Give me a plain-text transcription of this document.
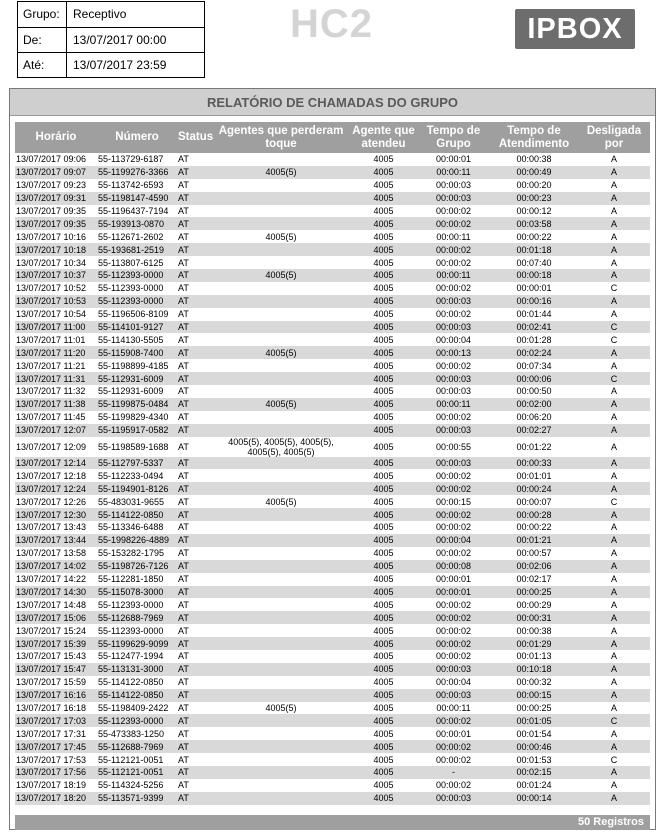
Grupo:	Receptivo
De:	13/07/2017 00:00
Até:	13/07/2017 23:59
HC2	IPBOX
RELATÓRIO DE CHAMADAS DO GRUPO
Horário	Número	Status	Agentes que perderam toque	Agente que atendeu	Tempo de Grupo	Tempo de Atendimento	Desligada por
13/07/2017 09:06	55-113729-6187	AT		4005	00:00:01	00:00:38	A
13/07/2017 09:07	55-1199276-3366	AT	4005(5)	4005	00:00:11	00:00:49	A
13/07/2017 09:23	55-113742-6593	AT		4005	00:00:03	00:00:20	A
13/07/2017 09:31	55-1198147-4590	AT		4005	00:00:03	00:00:23	A
13/07/2017 09:35	55-1196437-7194	AT		4005	00:00:02	00:00:12	A
13/07/2017 09:35	55-193913-0870	AT		4005	00:00:02	00:03:58	A
13/07/2017 10:16	55-112671-2602	AT	4005(5)	4005	00:00:11	00:00:22	A
13/07/2017 10:18	55-193681-2519	AT		4005	00:00:02	00:01:18	A
13/07/2017 10:34	55-113807-6125	AT		4005	00:00:02	00:07:40	A
13/07/2017 10:37	55-112393-0000	AT	4005(5)	4005	00:00:11	00:00:18	A
13/07/2017 10:52	55-112393-0000	AT		4005	00:00:02	00:00:01	C
13/07/2017 10:53	55-112393-0000	AT		4005	00:00:03	00:00:16	A
13/07/2017 10:54	55-1196506-8109	AT		4005	00:00:02	00:01:44	A
13/07/2017 11:00	55-114101-9127	AT		4005	00:00:03	00:02:41	C
13/07/2017 11:01	55-114130-5505	AT		4005	00:00:04	00:01:28	C
13/07/2017 11:20	55-115908-7400	AT	4005(5)	4005	00:00:13	00:02:24	A
13/07/2017 11:21	55-1198899-4185	AT		4005	00:00:02	00:07:34	A
13/07/2017 11:31	55-112931-6009	AT		4005	00:00:03	00:00:06	C
13/07/2017 11:32	55-112931-6009	AT		4005	00:00:03	00:00:50	A
13/07/2017 11:38	55-1199875-0484	AT	4005(5)	4005	00:00:11	00:02:00	A
13/07/2017 11:45	55-1199829-4340	AT		4005	00:00:02	00:06:20	A
13/07/2017 12:07	55-1195917-0582	AT		4005	00:00:03	00:02:27	A
13/07/2017 12:09	55-1198589-1688	AT	4005(5), 4005(5), 4005(5), 4005(5), 4005(5)	4005	00:00:55	00:01:22	A
13/07/2017 12:14	55-112797-5337	AT		4005	00:00:03	00:00:33	A
13/07/2017 12:18	55-112233-0494	AT		4005	00:00:02	00:01:01	A
13/07/2017 12:24	55-1194901-8126	AT		4005	00:00:02	00:00:24	A
13/07/2017 12:26	55-483031-9655	AT	4005(5)	4005	00:00:15	00:00:07	C
13/07/2017 12:30	55-114122-0850	AT		4005	00:00:02	00:00:28	A
13/07/2017 13:43	55-113346-6488	AT		4005	00:00:02	00:00:22	A
13/07/2017 13:44	55-1998226-4889	AT		4005	00:00:04	00:01:21	A
13/07/2017 13:58	55-153282-1795	AT		4005	00:00:02	00:00:57	A
13/07/2017 14:02	55-1198726-7126	AT		4005	00:00:08	00:02:06	A
13/07/2017 14:22	55-112281-1850	AT		4005	00:00:01	00:02:17	A
13/07/2017 14:30	55-115078-3000	AT		4005	00:00:01	00:00:25	A
13/07/2017 14:48	55-112393-0000	AT		4005	00:00:02	00:00:29	A
13/07/2017 15:06	55-112688-7969	AT		4005	00:00:02	00:00:31	A
13/07/2017 15:24	55-112393-0000	AT		4005	00:00:02	00:00:38	A
13/07/2017 15:39	55-1199629-9099	AT		4005	00:00:02	00:01:29	A
13/07/2017 15:43	55-112477-1994	AT		4005	00:00:02	00:01:13	A
13/07/2017 15:47	55-113131-3000	AT		4005	00:00:03	00:10:18	A
13/07/2017 15:59	55-114122-0850	AT		4005	00:00:04	00:00:32	A
13/07/2017 16:16	55-114122-0850	AT		4005	00:00:03	00:00:15	A
13/07/2017 16:18	55-1198409-2422	AT	4005(5)	4005	00:00:11	00:00:25	A
13/07/2017 17:03	55-112393-0000	AT		4005	00:00:02	00:01:05	C
13/07/2017 17:31	55-473383-1250	AT		4005	00:00:01	00:01:54	A
13/07/2017 17:45	55-112688-7969	AT		4005	00:00:02	00:00:46	A
13/07/2017 17:53	55-112121-0051	AT		4005	00:00:02	00:01:53	C
13/07/2017 17:56	55-112121-0051	AT		4005	-	00:02:15	A
13/07/2017 18:19	55-114324-5256	AT		4005	00:00:02	00:01:24	A
13/07/2017 18:20	55-113571-9399	AT		4005	00:00:03	00:00:14	A
50 Registros
